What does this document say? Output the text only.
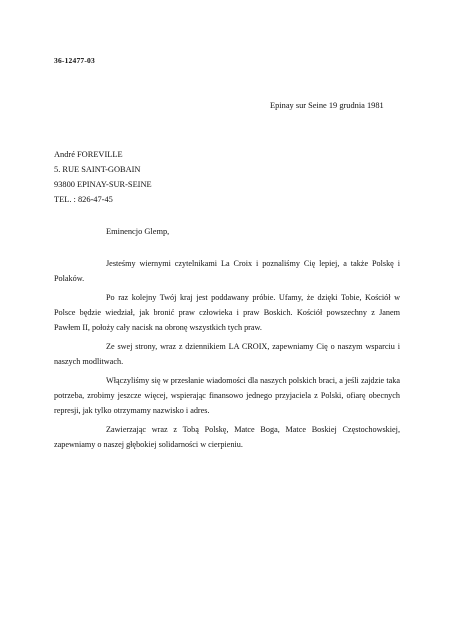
36-12477-03
Epinay sur Seine 19 grudnia 1981
André FOREVILLE
5. RUE SAINT-GOBAIN
93800 EPINAY-SUR-SEINE
TEL. : 826-47-45
Eminencjo Glemp,

Jesteśmy wiernymi czytelnikami La Croix i poznaliśmy Cię lepiej, a także Polskę i Polaków.

Po raz kolejny Twój kraj jest poddawany próbie. Ufamy, że dzięki Tobie, Kościół w Polsce będzie wiedział, jak bronić praw człowieka i praw Boskich. Kościół powszechny z Janem Pawłem II, położy cały nacisk na obronę wszystkich tych praw.

Ze swej strony, wraz z dziennikiem LA CROIX, zapewniamy Cię o naszym wsparciu i naszych modlitwach.

Włączyliśmy się w przesłanie wiadomości dla naszych polskich braci, a jeśli zajdzie taka potrzeba, zrobimy jeszcze więcej, wspierając finansowo jednego przyjaciela z Polski, ofiarę obecnych represji, jak tylko otrzymamy nazwisko i adres.

Zawierzając wraz z Tobą Polskę, Matce Boga, Matce Boskiej Częstochowskiej, zapewniamy o naszej głębokiej solidarności w cierpieniu.
